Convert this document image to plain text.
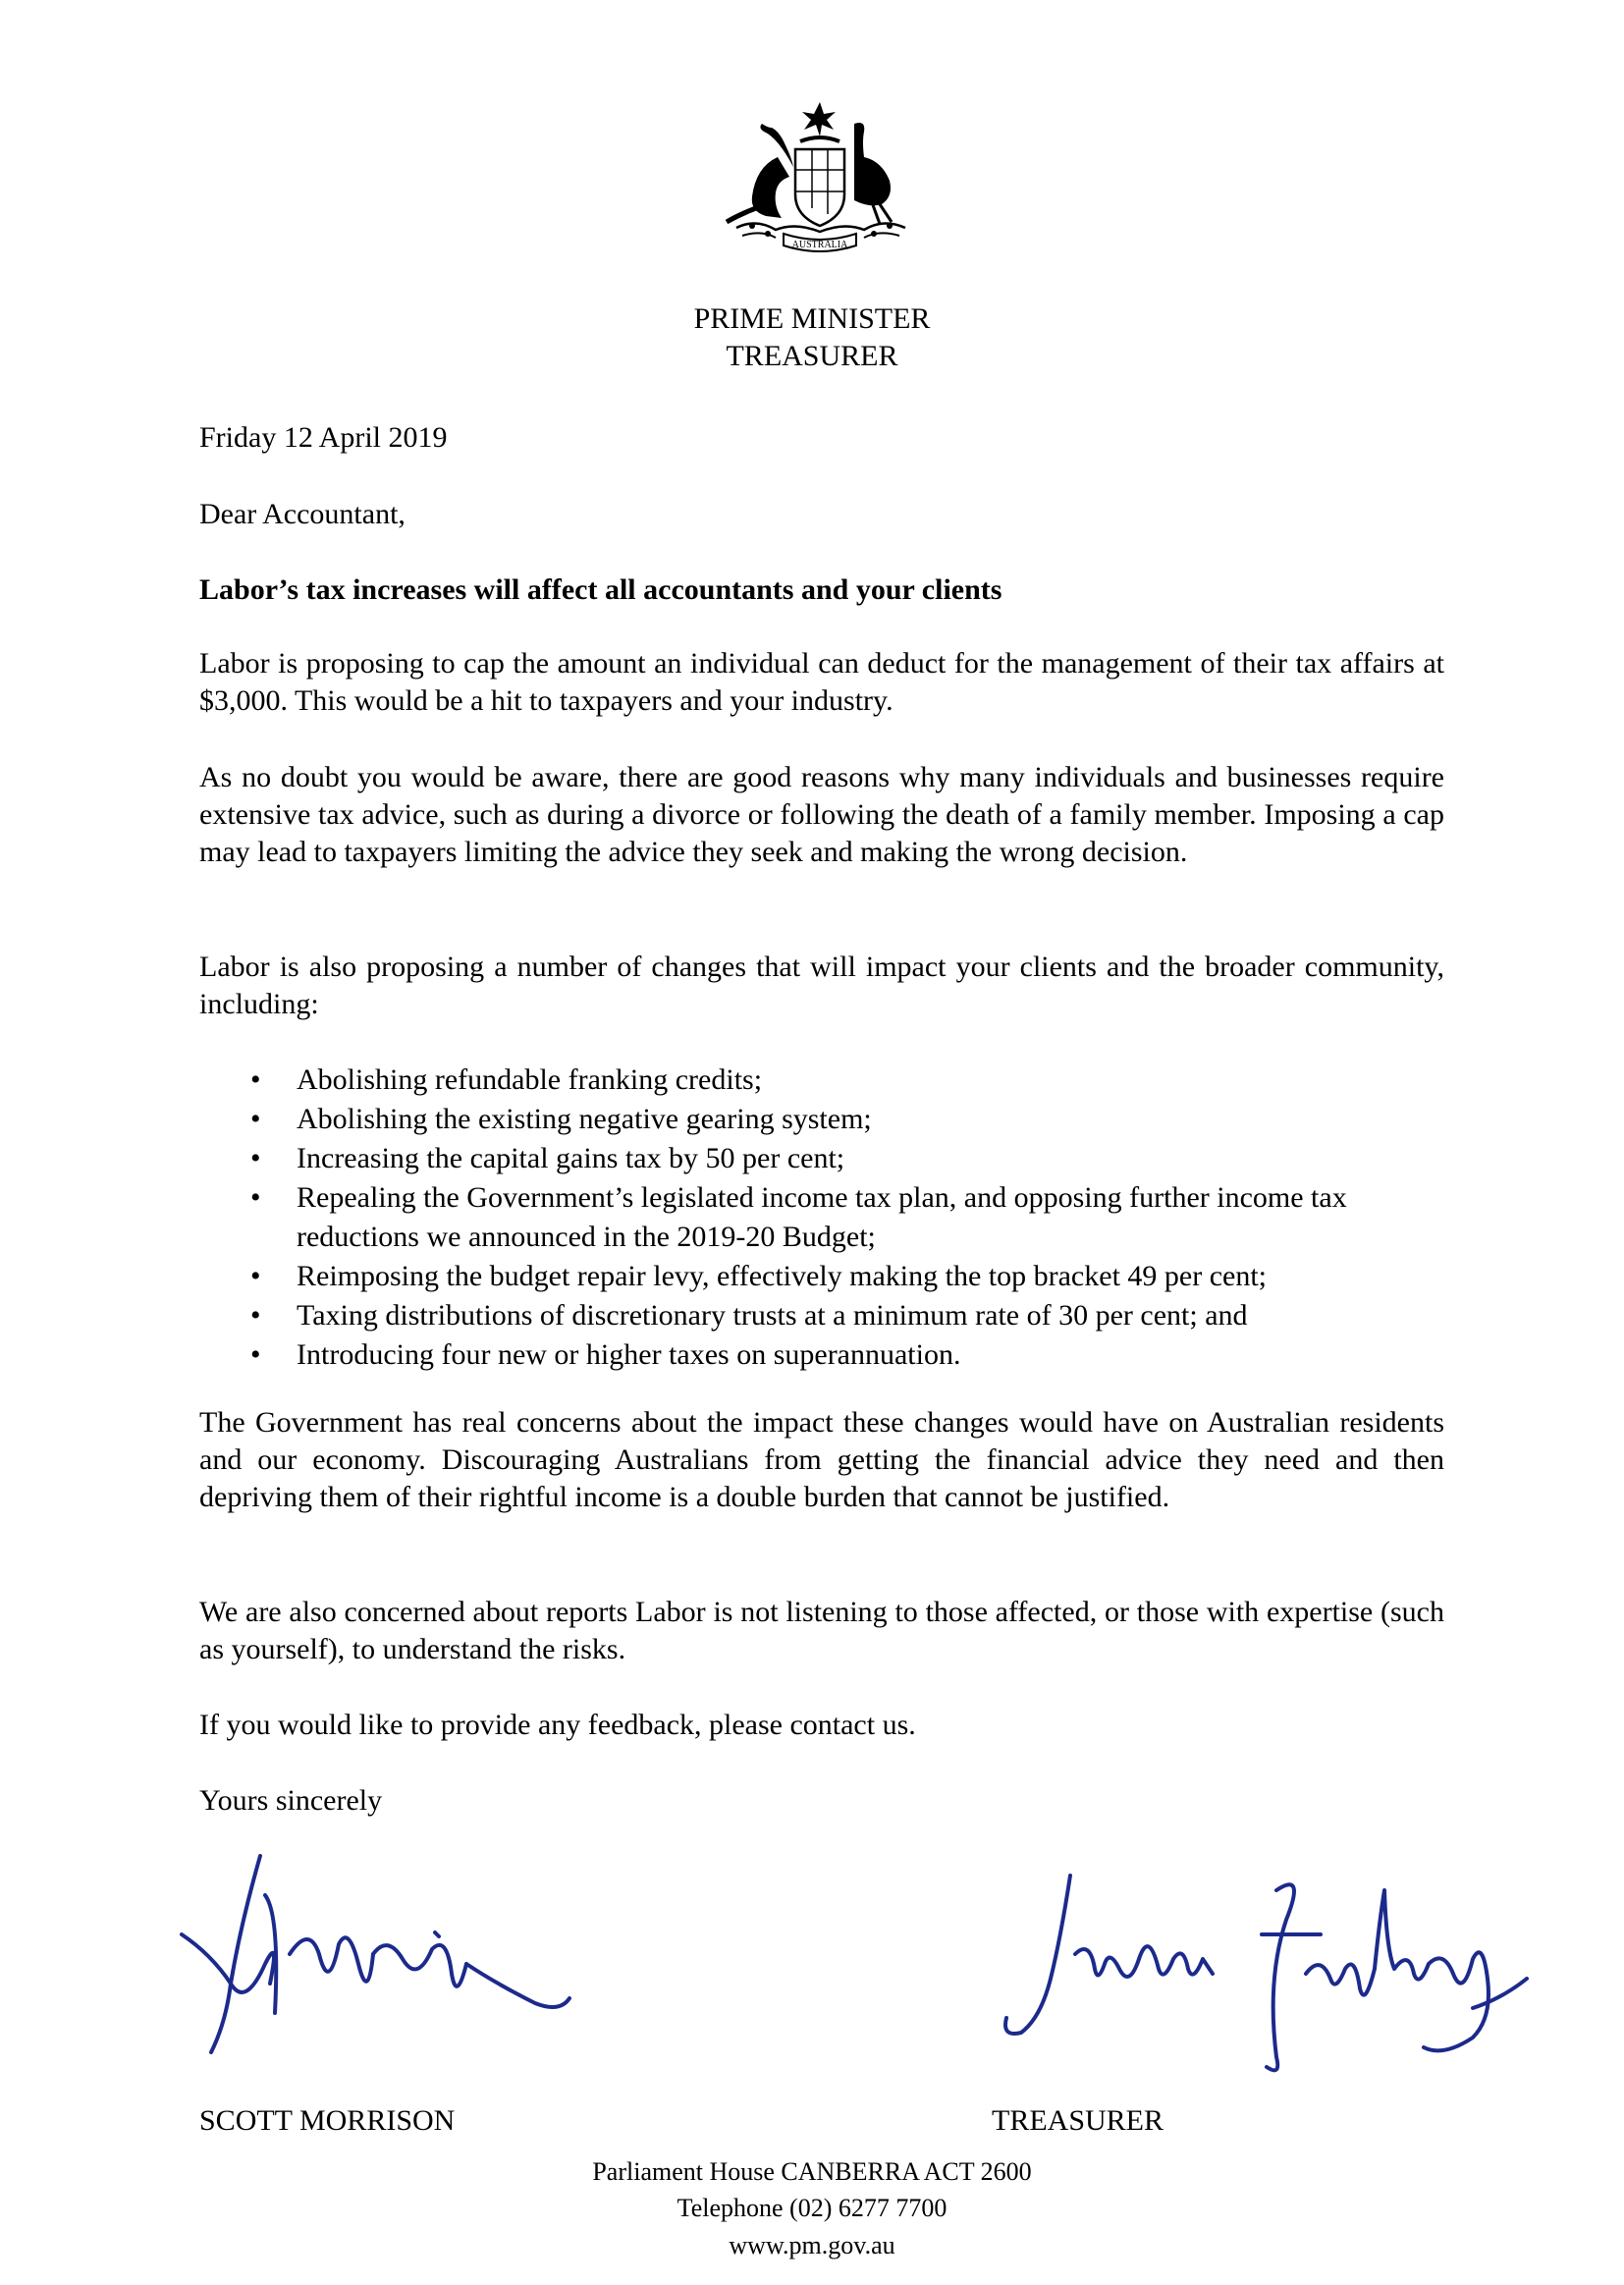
AUSTRALIA
PRIME MINISTER
TREASURER
Friday 12 April 2019
Dear Accountant,
Labor’s tax increases will affect all accountants and your clients
Labor is proposing to cap the amount an individual can deduct for the management of their tax affairs at $3,000. This would be a hit to taxpayers and your industry.
As no doubt you would be aware, there are good reasons why many individuals and businesses require extensive tax advice, such as during a divorce or following the death of a family member. Imposing a cap may lead to taxpayers limiting the advice they seek and making the wrong decision.
Labor is also proposing a number of changes that will impact your clients and the broader community, including:
• Abolishing refundable franking credits;
• Abolishing the existing negative gearing system;
• Increasing the capital gains tax by 50 per cent;
• Repealing the Government’s legislated income tax plan, and opposing further income tax reductions we announced in the 2019-20 Budget;
• Reimposing the budget repair levy, effectively making the top bracket 49 per cent;
• Taxing distributions of discretionary trusts at a minimum rate of 30 per cent; and
• Introducing four new or higher taxes on superannuation.
The Government has real concerns about the impact these changes would have on Australian residents and our economy. Discouraging Australians from getting the financial advice they need and then depriving them of their rightful income is a double burden that cannot be justified.
We are also concerned about reports Labor is not listening to those affected, or those with expertise (such as yourself), to understand the risks.
If you would like to provide any feedback, please contact us.
Yours sincerely
SCOTT MORRISON	TREASURER
Parliament House CANBERRA ACT 2600
Telephone (02) 6277 7700
www.pm.gov.au
